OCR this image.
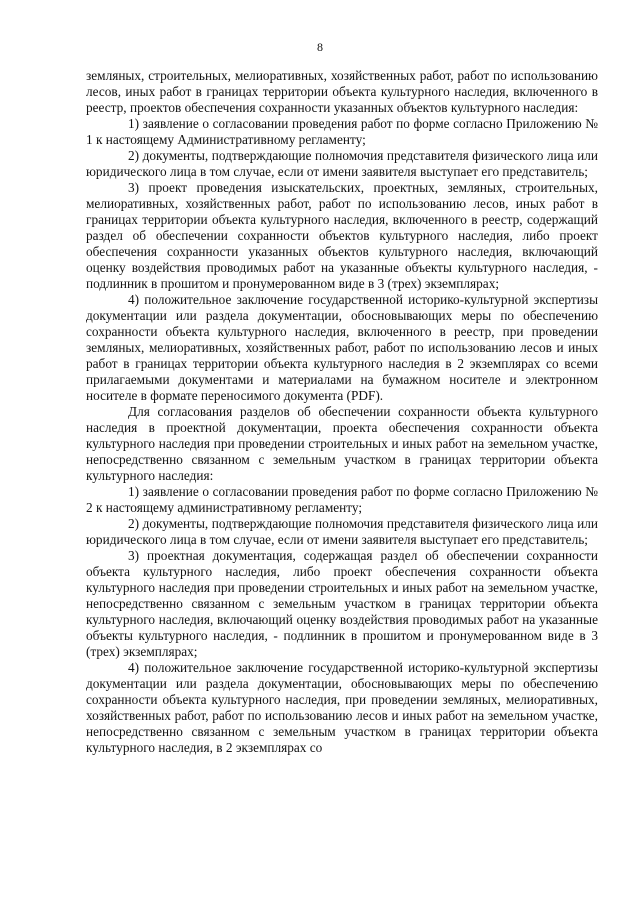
8

земляных, строительных, мелиоративных, хозяйственных работ, работ по использованию лесов, иных работ в границах территории объекта культурного наследия, включенного в реестр, проектов обеспечения сохранности указанных объектов культурного наследия:

1) заявление о согласовании проведения работ по форме согласно Приложению № 1 к настоящему Административному регламенту;

2) документы, подтверждающие полномочия представителя физического лица или юридического лица в том случае, если от имени заявителя выступает его представитель;

3) проект проведения изыскательских, проектных, земляных, строительных, мелиоративных, хозяйственных работ, работ по использованию лесов, иных работ в границах территории объекта культурного наследия, включенного в реестр, содержащий раздел об обеспечении сохранности объектов культурного наследия, либо проект обеспечения сохранности указанных объектов культурного наследия, включающий оценку воздействия проводимых работ на указанные объекты культурного наследия, - подлинник в прошитом и пронумерованном виде в 3 (трех) экземплярах;

4) положительное заключение государственной историко-культурной экспертизы документации или раздела документации, обосновывающих меры по обеспечению сохранности объекта культурного наследия, включенного в реестр, при проведении земляных, мелиоративных, хозяйственных работ, работ по использованию лесов и иных работ в границах территории объекта культурного наследия в 2 экземплярах со всеми прилагаемыми документами и материалами на бумажном носителе и электронном носителе в формате переносимого документа (PDF).

Для согласования разделов об обеспечении сохранности объекта культурного наследия в проектной документации, проекта обеспечения сохранности объекта культурного наследия при проведении строительных и иных работ на земельном участке, непосредственно связанном с земельным участком в границах территории объекта культурного наследия:

1) заявление о согласовании проведения работ по форме согласно Приложению № 2 к настоящему административному регламенту;

2) документы, подтверждающие полномочия представителя физического лица или юридического лица в том случае, если от имени заявителя выступает его представитель;

3) проектная документация, содержащая раздел об обеспечении сохранности объекта культурного наследия, либо проект обеспечения сохранности объекта культурного наследия при проведении строительных и иных работ на земельном участке, непосредственно связанном с земельным участком в границах территории объекта культурного наследия, включающий оценку воздействия проводимых работ на указанные объекты культурного наследия, - подлинник в прошитом и пронумерованном виде в 3 (трех) экземплярах;

4) положительное заключение государственной историко-культурной экспертизы документации или раздела документации, обосновывающих меры по обеспечению сохранности объекта культурного наследия, при проведении земляных, мелиоративных, хозяйственных работ, работ по использованию лесов и иных работ на земельном участке, непосредственно связанном с земельным участком в границах территории объекта культурного наследия, в 2 экземплярах со
